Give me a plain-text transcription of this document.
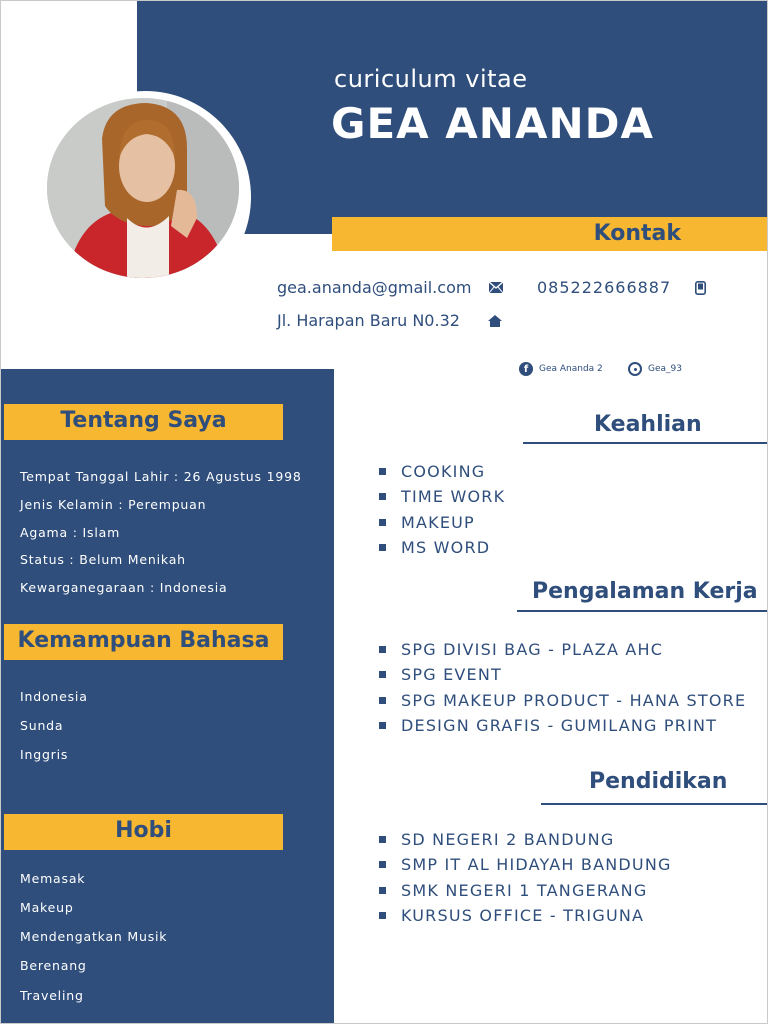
curiculum vitae
GEA ANANDA
Kontak
gea.ananda@gmail.com	085222666887
Jl. Harapan Baru N0.32
f	Gea Ananda 2	Gea_93
Tentang Saya
Tempat Tanggal Lahir : 26 Agustus 1998
Jenis Kelamin : Perempuan
Agama : Islam
Status : Belum Menikah
Kewarganegaraan : Indonesia
Kemampuan Bahasa
Indonesia
Sunda
Inggris
Hobi
Memasak
Makeup
Mendengatkan Musik
Berenang
Traveling
Keahlian
COOKING
TIME WORK
MAKEUP
MS WORD
Pengalaman Kerja
SPG DIVISI BAG - PLAZA AHC
SPG EVENT
SPG MAKEUP PRODUCT - HANA STORE
DESIGN GRAFIS - GUMILANG PRINT
Pendidikan
SD NEGERI 2 BANDUNG
SMP IT AL HIDAYAH BANDUNG
SMK NEGERI 1 TANGERANG
KURSUS OFFICE - TRIGUNA
